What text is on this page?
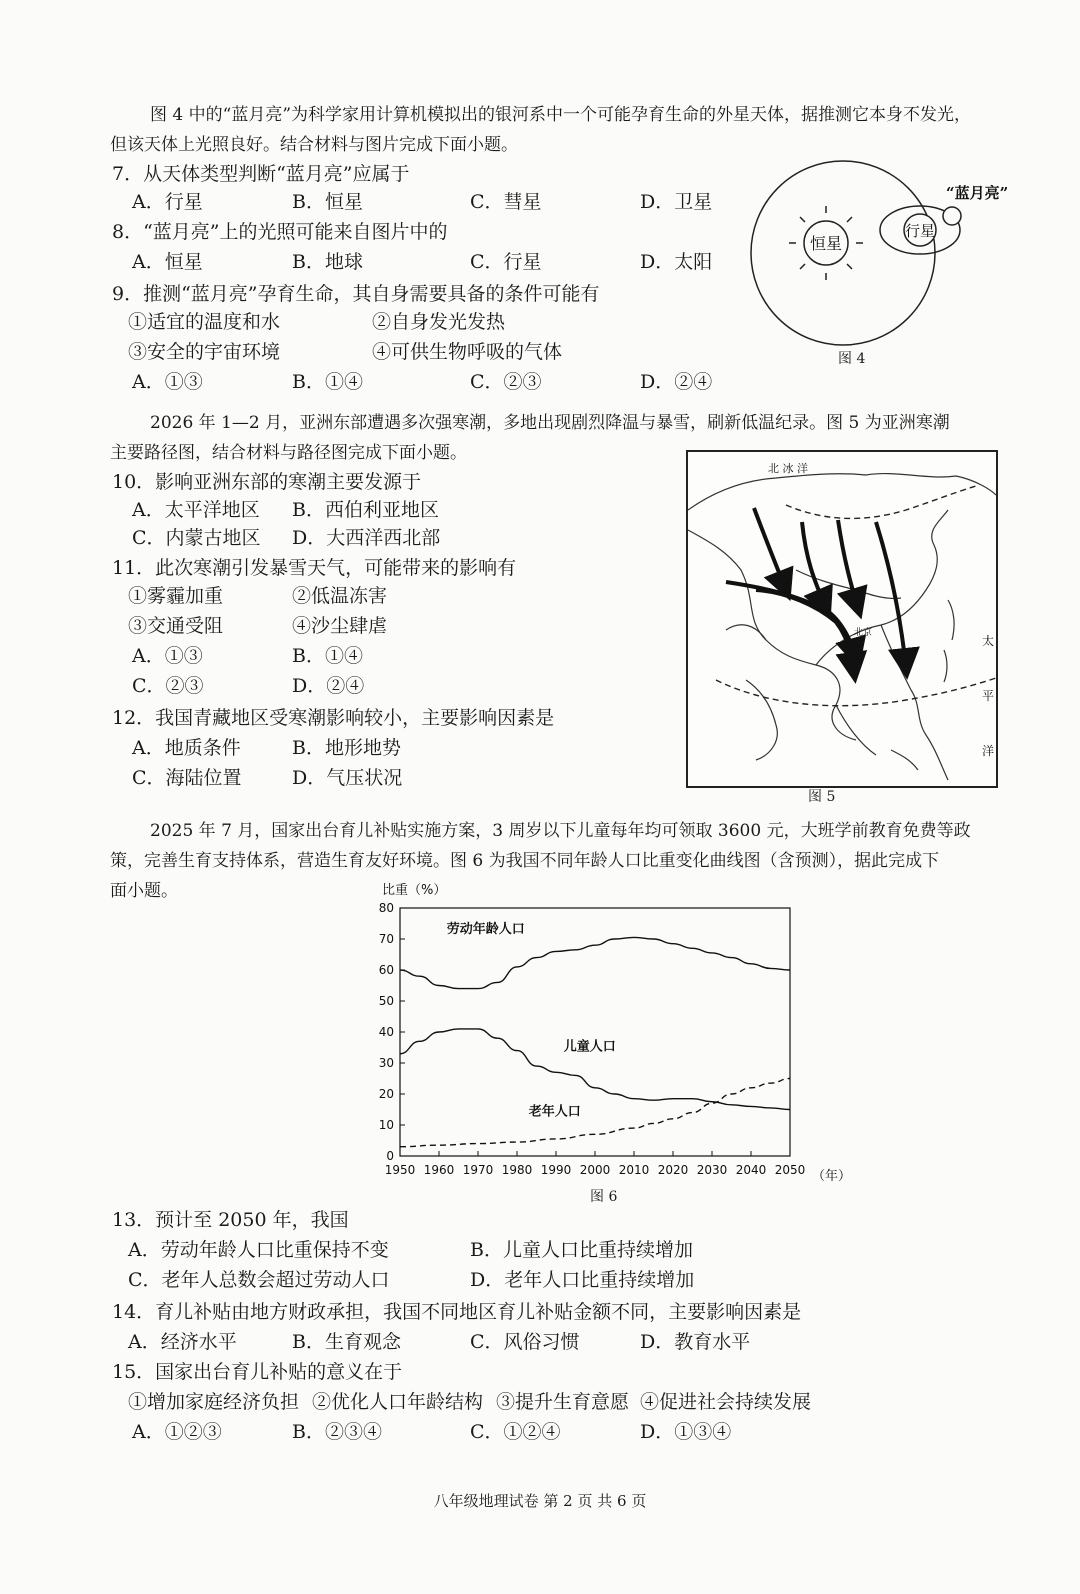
图 4 中的“蓝月亮”为科学家用计算机模拟出的银河系中一个可能孕育生命的外星天体，据推测它本身不发光，
但该天体上光照良好。结合材料与图片完成下面小题。
7．从天体类型判断“蓝月亮”应属于
A．行星	B．恒星	C．彗星	D．卫星
8．“蓝月亮”上的光照可能来自图片中的
A．恒星	B．地球	C．行星	D．太阳
9．推测“蓝月亮”孕育生命，其自身需要具备的条件可能有
①适宜的温度和水	②自身发光发热
③安全的宇宙环境	④可供生物呼吸的气体
A．①③	B．①④	C．②③	D．②④
恒星
行星
“蓝月亮”
图 4
2026 年 1—2 月，亚洲东部遭遇多次强寒潮，多地出现剧烈降温与暴雪，刷新低温纪录。图 5 为亚洲寒潮
主要路径图，结合材料与路径图完成下面小题。
10．影响亚洲东部的寒潮主要发源于
A．太平洋地区 B．西伯利亚地区
C．内蒙古地区 D．大西洋西北部
11．此次寒潮引发暴雪天气，可能带来的影响有
①雾霾加重	②低温冻害
③交通受阻	④沙尘肆虐
A．①③	B．①④
C．②③	D．②④
12．我国青藏地区受寒潮影响较小，主要影响因素是
A．地质条件	B．地形地势
C．海陆位置	D．气压状况
北 冰 洋
太
平
洋
北京
图 5
2025 年 7 月，国家出台育儿补贴实施方案，3 周岁以下儿童每年均可领取 3600 元，大班学前教育免费等政
策，完善生育支持体系，营造生育友好环境。图 6 为我国不同年龄人口比重变化曲线图（含预测），据此完成下
面小题。	比重（%）
0
10
20
30
40
50
60
70
80
1950 1960 1970 1980 1990 2000 2010 2020 2030 2040 2050
劳动年龄人口
儿童人口
老年人口
（年）
图 6
13．预计至 2050 年，我国
A．劳动年龄人口比重保持不变	B．儿童人口比重持续增加
C．老年人总数会超过劳动人口	D．老年人口比重持续增加
14．育儿补贴由地方财政承担，我国不同地区育儿补贴金额不同，主要影响因素是
A．经济水平	B．生育观念	C．风俗习惯	D．教育水平
15．国家出台育儿补贴的意义在于
①增加家庭经济负担 ②优化人口年龄结构 ③提升生育意愿 ④促进社会持续发展
A．①②③	B．②③④	C．①②④	D．①③④
八年级地理试卷 第 2 页 共 6 页
